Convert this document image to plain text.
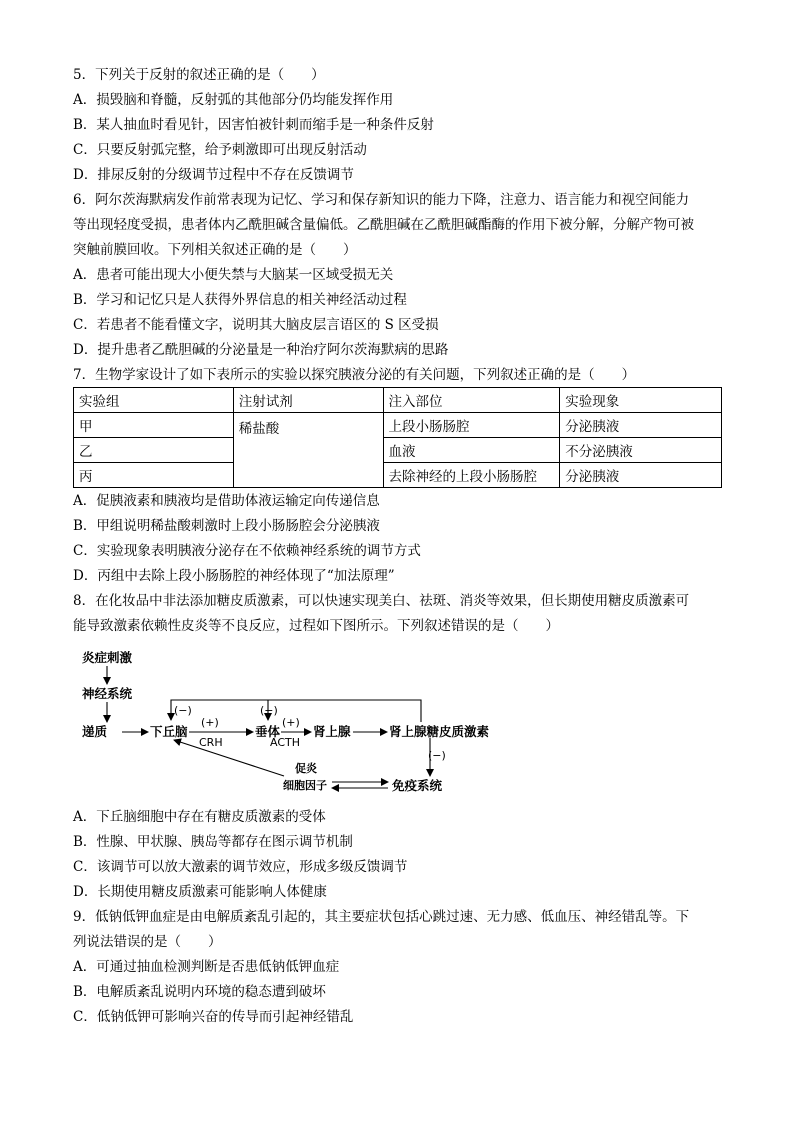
5．下列关于反射的叙述正确的是（　　）
A．损毁脑和脊髓，反射弧的其他部分仍均能发挥作用
B．某人抽血时看见针，因害怕被针刺而缩手是一种条件反射
C．只要反射弧完整，给予刺激即可出现反射活动
D．排尿反射的分级调节过程中不存在反馈调节
6．阿尔茨海默病发作前常表现为记忆、学习和保存新知识的能力下降，注意力、语言能力和视空间能力
等出现轻度受损，患者体内乙酰胆碱含量偏低。乙酰胆碱在乙酰胆碱酯酶的作用下被分解，分解产物可被
突触前膜回收。下列相关叙述正确的是（　　）
A．患者可能出现大小便失禁与大脑某一区域受损无关
B．学习和记忆只是人获得外界信息的相关神经活动过程
C．若患者不能看懂文字，说明其大脑皮层言语区的 S 区受损
D．提升患者乙酰胆碱的分泌量是一种治疗阿尔茨海默病的思路
7．生物学家设计了如下表所示的实验以探究胰液分泌的有关问题，下列叙述正确的是（　　）
实验组	注射试剂	注入部位	实验现象
甲	稀盐酸	上段小肠肠腔	分泌胰液
乙		血液	不分泌胰液
丙		去除神经的上段小肠肠腔	分泌胰液
A．促胰液素和胰液均是借助体液运输定向传递信息
B．甲组说明稀盐酸刺激时上段小肠肠腔会分泌胰液
C．实验现象表明胰液分泌存在不依赖神经系统的调节方式
D．丙组中去除上段小肠肠腔的神经体现了“加法原理”
8．在化妆品中非法添加糖皮质激素，可以快速实现美白、祛斑、消炎等效果，但长期使用糖皮质激素可
能导致激素依赖性皮炎等不良反应，过程如下图所示。下列叙述错误的是（　　）
炎症刺激
神经系统
递质	下丘脑	垂体	肾上腺	肾上腺糖皮质激素
免疫系统
(+)
CRH
(+)
ACTH
(−)	(−)
(−)
促炎
细胞因子
A．下丘脑细胞中存在有糖皮质激素的受体
B．性腺、甲状腺、胰岛等都存在图示调节机制
C．该调节可以放大激素的调节效应，形成多级反馈调节
D．长期使用糖皮质激素可能影响人体健康
9．低钠低钾血症是由电解质紊乱引起的，其主要症状包括心跳过速、无力感、低血压、神经错乱等。下
列说法错误的是（　　）
A．可通过抽血检测判断是否患低钠低钾血症
B．电解质紊乱说明内环境的稳态遭到破坏
C．低钠低钾可影响兴奋的传导而引起神经错乱
